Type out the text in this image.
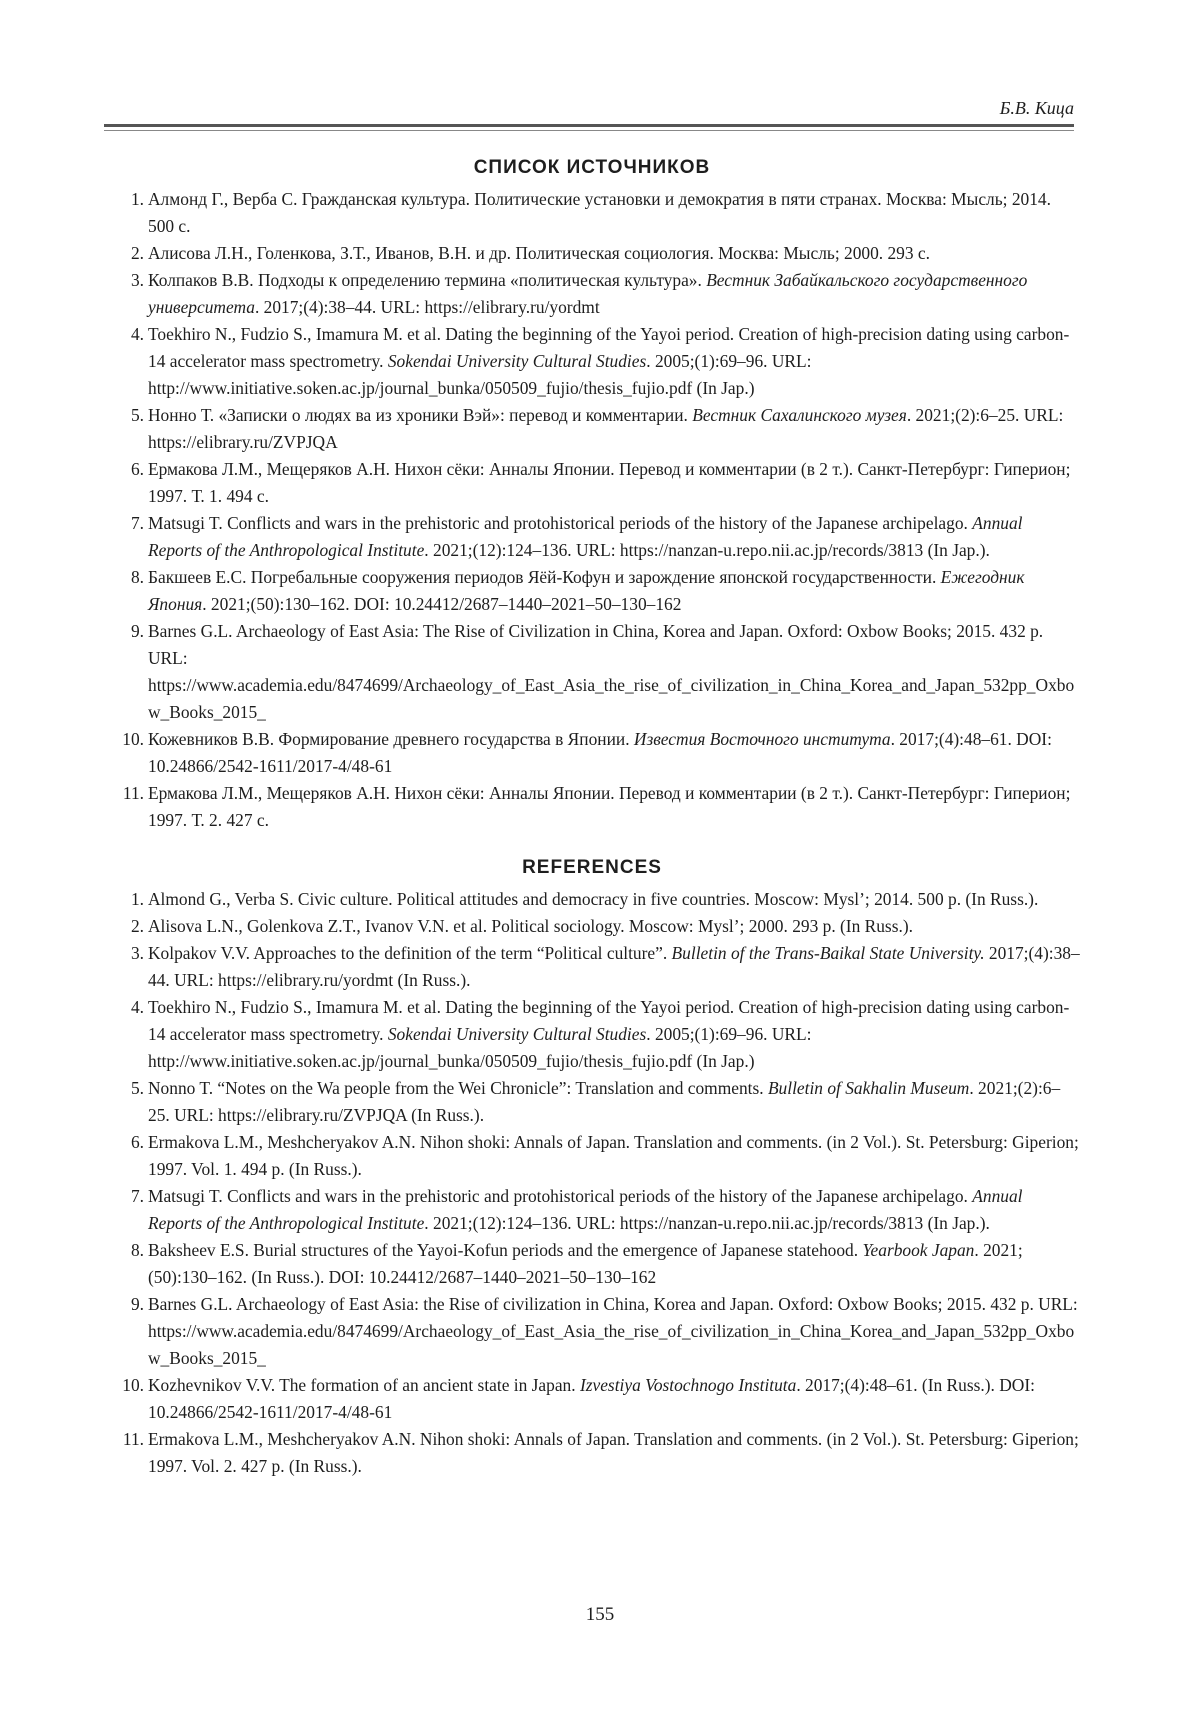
Б.В. Кица
СПИСОК ИСТОЧНИКОВ
1. Алмонд Г., Верба С. Гражданская культура. Политические установки и демократия в пяти странах. Москва: Мысль; 2014. 500 с.
2. Алисова Л.Н., Голенкова, З.Т., Иванов, В.Н. и др. Политическая социология. Москва: Мысль; 2000. 293 с.
3. Колпаков В.В. Подходы к определению термина «политическая культура». Вестник Забайкальского государственного университета. 2017;(4):38–44. URL: https://elibrary.ru/yordmt
4. Toekhiro N., Fudzio S., Imamura M. et al. Dating the beginning of the Yayoi period. Creation of high-precision dating using carbon-14 accelerator mass spectrometry. Sokendai University Cultural Studies. 2005;(1):69–96. URL: http://www.initiative.soken.ac.jp/journal_bunka/050509_fujio/thesis_fujio.pdf (In Jap.)
5. Нонно Т. «Записки о людях ва из хроники Вэй»: перевод и комментарии. Вестник Сахалинского музея. 2021;(2):6–25. URL: https://elibrary.ru/ZVPJQA
6. Ермакова Л.М., Мещеряков А.Н. Нихон сёки: Анналы Японии. Перевод и комментарии (в 2 т.). Санкт-Петербург: Гиперион; 1997. Т. 1. 494 с.
7. Matsugi T. Conflicts and wars in the prehistoric and protohistorical periods of the history of the Japanese archipelago. Annual Reports of the Anthropological Institute. 2021;(12):124–136. URL: https://nanzan-u.repo.nii.ac.jp/records/3813 (In Jap.).
8. Бакшеев Е.С. Погребальные сооружения периодов Яёй-Кофун и зарождение японской государственности. Ежегодник Япония. 2021;(50):130–162. DOI: 10.24412/2687–1440–2021–50–130–162
9. Barnes G.L. Archaeology of East Asia: The Rise of Civilization in China, Korea and Japan. Oxford: Oxbow Books; 2015. 432 p. URL: https://www.academia.edu/8474699/Archaeology_of_East_Asia_the_rise_of_civilization_in_China_Korea_and_Japan_532pp_Oxbow_Books_2015_
10. Кожевников В.В. Формирование древнего государства в Японии. Известия Восточного института. 2017;(4):48–61. DOI: 10.24866/2542-1611/2017-4/48-61
11. Ермакова Л.М., Мещеряков А.Н. Нихон сёки: Анналы Японии. Перевод и комментарии (в 2 т.). Санкт-Петербург: Гиперион; 1997. Т. 2. 427 с.
REFERENCES
1. Almond G., Verba S. Civic culture. Political attitudes and democracy in five countries. Moscow: Mysl’; 2014. 500 p. (In Russ.).
2. Alisova L.N., Golenkova Z.T., Ivanov V.N. et al. Political sociology. Moscow: Mysl’; 2000. 293 p. (In Russ.).
3. Kolpakov V.V. Approaches to the definition of the term “Political culture”. Bulletin of the Trans-Baikal State University. 2017;(4):38–44. URL: https://elibrary.ru/yordmt (In Russ.).
4. Toekhiro N., Fudzio S., Imamura M. et al. Dating the beginning of the Yayoi period. Creation of high-precision dating using carbon-14 accelerator mass spectrometry. Sokendai University Cultural Studies. 2005;(1):69–96. URL: http://www.initiative.soken.ac.jp/journal_bunka/050509_fujio/thesis_fujio.pdf (In Jap.)
5. Nonno T. “Notes on the Wa people from the Wei Chronicle”: Translation and comments. Bulletin of Sakhalin Museum. 2021;(2):6–25. URL: https://elibrary.ru/ZVPJQA (In Russ.).
6. Ermakova L.M., Meshcheryakov A.N. Nihon shoki: Annals of Japan. Translation and comments. (in 2 Vol.). St. Petersburg: Giperion; 1997. Vol. 1. 494 p. (In Russ.).
7. Matsugi T. Conflicts and wars in the prehistoric and protohistorical periods of the history of the Japanese archipelago. Annual Reports of the Anthropological Institute. 2021;(12):124–136. URL: https://nanzan-u.repo.nii.ac.jp/records/3813 (In Jap.).
8. Baksheev E.S. Burial structures of the Yayoi-Kofun periods and the emergence of Japanese statehood. Yearbook Japan. 2021;(50):130–162. (In Russ.). DOI: 10.24412/2687–1440–2021–50–130–162
9. Barnes G.L. Archaeology of East Asia: the Rise of civilization in China, Korea and Japan. Oxford: Oxbow Books; 2015. 432 p. URL: https://www.academia.edu/8474699/Archaeology_of_East_Asia_the_rise_of_civilization_in_China_Korea_and_Japan_532pp_Oxbow_Books_2015_
10. Kozhevnikov V.V. The formation of an ancient state in Japan. Izvestiya Vostochnogo Instituta. 2017;(4):48–61. (In Russ.). DOI: 10.24866/2542-1611/2017-4/48-61
11. Ermakova L.M., Meshcheryakov A.N. Nihon shoki: Annals of Japan. Translation and comments. (in 2 Vol.). St. Petersburg: Giperion; 1997. Vol. 2. 427 p. (In Russ.).
155
